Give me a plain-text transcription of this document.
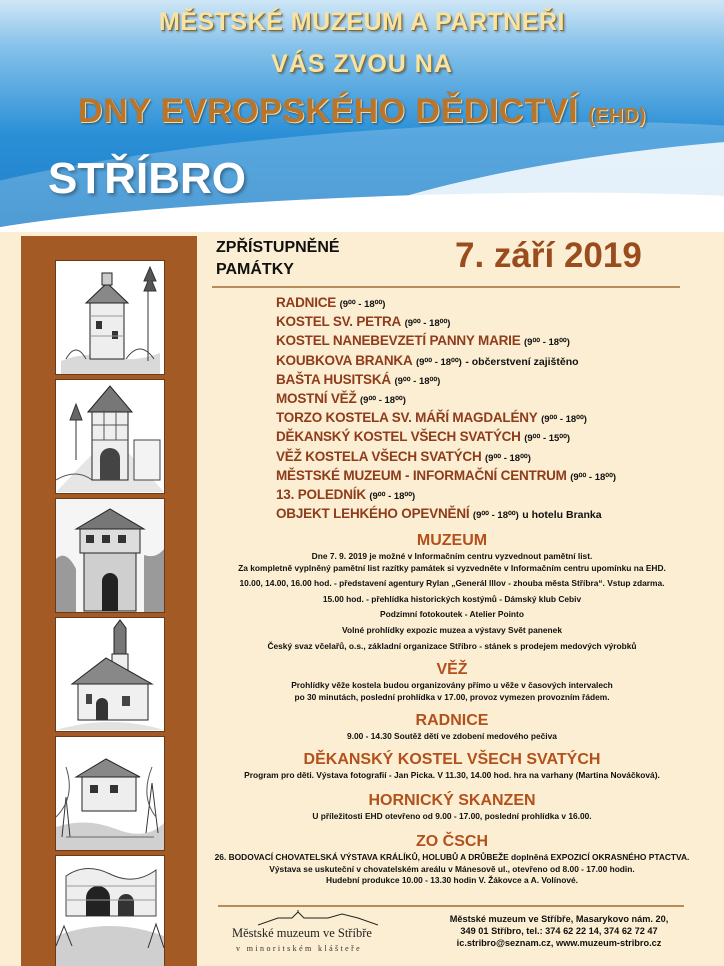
MĚSTSKÉ MUZEUM A PARTNEŘI
VÁS ZVOU NA
DNY EVROPSKÉHO DĚDICTVÍ (EHD)
STŘÍBRO
ZPŘÍSTUPNĚNÉ
PAMÁTKY	7. září 2019
RADNICE (9⁰⁰ - 18⁰⁰)
KOSTEL SV. PETRA (9⁰⁰ - 18⁰⁰)
KOSTEL NANEBEVZETÍ PANNY MARIE (9⁰⁰ - 18⁰⁰)
KOUBKOVA BRANKA (9⁰⁰ - 18⁰⁰) - občerstvení zajištěno
BAŠTA HUSITSKÁ (9⁰⁰ - 18⁰⁰)
MOSTNÍ VĚŽ (9⁰⁰ - 18⁰⁰)
TORZO KOSTELA SV. MÁŘÍ MAGDALÉNY (9⁰⁰ - 18⁰⁰)
DĚKANSKÝ KOSTEL VŠECH SVATÝCH (9⁰⁰ - 15⁰⁰)
VĚŽ KOSTELA VŠECH SVATÝCH (9⁰⁰ - 18⁰⁰)
MĚSTSKÉ MUZEUM - INFORMAČNÍ CENTRUM (9⁰⁰ - 18⁰⁰)
13. POLEDNÍK (9⁰⁰ - 18⁰⁰)
OBJEKT LEHKÉHO OPEVNĚNÍ (9⁰⁰ - 18⁰⁰) u hotelu Branka
MUZEUM

Dne 7. 9. 2019 je možné v Informačním centru vyzvednout pamětní list.

Za kompletně vyplněný pamětní list razítky památek si vyzvedněte v Informačním centru upomínku na EHD.

10.00, 14.00, 16.00 hod. - představení agentury Rylan „Generál Illov - zhouba města Stříbra“. Vstup zdarma.

15.00 hod. - přehlídka historických kostýmů - Dámský klub Cebiv

Podzimní fotokoutek - Atelier Pointo

Volné prohlídky expozic muzea a výstavy Svět panenek

Český svaz včelařů, o.s., základní organizace Stříbro - stánek s prodejem medových výrobků

VĚŽ

Prohlídky věže kostela budou organizovány přímo u věže v časových intervalech

po 30 minutách, poslední prohlídka v 17.00, provoz vymezen provozním řádem.

RADNICE

9.00 - 14.30 Soutěž dětí ve zdobení medového pečiva

DĚKANSKÝ KOSTEL VŠECH SVATÝCH

Program pro děti. Výstava fotografií - Jan Picka. V 11.30, 14.00 hod. hra na varhany (Martina Nováčková).

HORNICKÝ SKANZEN

U příležitosti EHD otevřeno od 9.00 - 17.00, poslední prohlídka v 16.00.

ZO ČSCH

26. BODOVACÍ CHOVATELSKÁ VÝSTAVA KRÁLÍKŮ, HOLUBŮ A DRŮBEŽE doplněná EXPOZICÍ OKRASNÉHO PTACTVA.

Výstava se uskuteční v chovatelském areálu v Mánesově ul., otevřeno od 8.00 - 17.00 hodin.

Hudební produkce 10.00 - 13.30 hodin V. Žákovce a A. Volínové.

Městské muzeum ve Stříbře
v minoritském klášteře
Městské muzeum ve Stříbře, Masarykovo nám. 20,
349 01 Stříbro, tel.: 374 62 22 14, 374 62 72 47
ic.stribro@seznam.cz, www.muzeum-stribro.cz
